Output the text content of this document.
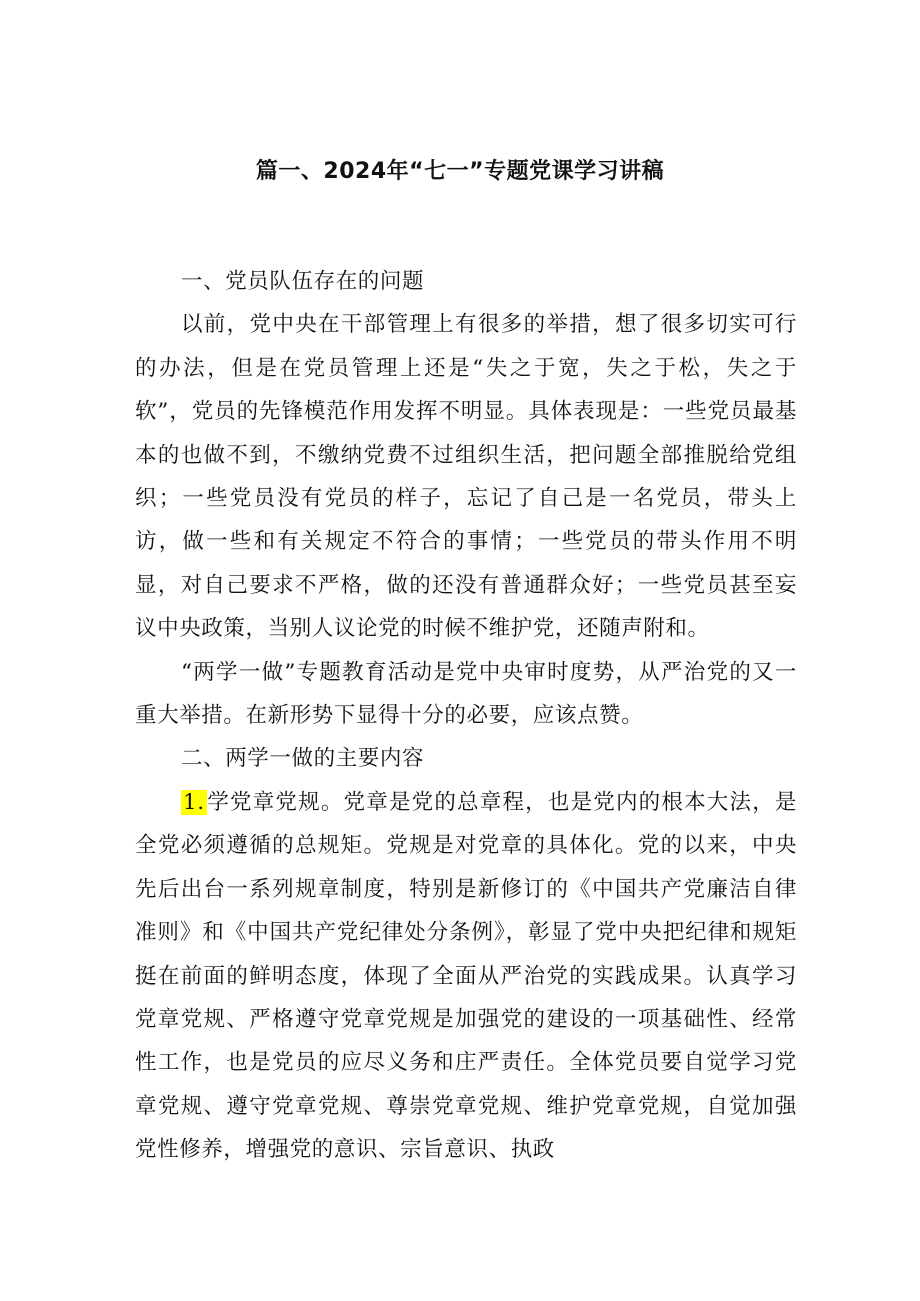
篇一、2024年“七一”专题党课学习讲稿
一、党员队伍存在的问题

以前，党中央在干部管理上有很多的举措，想了很多切实可行的办法，但是在党员管理上还是“失之于宽，失之于松，失之于软”，党员的先锋模范作用发挥不明显。具体表现是：一些党员最基本的也做不到，不缴纳党费不过组织生活，把问题全部推脱给党组织；一些党员没有党员的样子，忘记了自己是一名党员，带头上访，做一些和有关规定不符合的事情；一些党员的带头作用不明显，对自己要求不严格，做的还没有普通群众好；一些党员甚至妄议中央政策，当别人议论党的时候不维护党，还随声附和。

“两学一做”专题教育活动是党中央审时度势，从严治党的又一重大举措。在新形势下显得十分的必要，应该点赞。

二、两学一做的主要内容

1.学党章党规。党章是党的总章程，也是党内的根本大法，是全党必须遵循的总规矩。党规是对党章的具体化。党的以来，中央先后出台一系列规章制度，特别是新修订的《中国共产党廉洁自律准则》和《中国共产党纪律处分条例》，彰显了党中央把纪律和规矩挺在前面的鲜明态度，体现了全面从严治党的实践成果。认真学习党章党规、严格遵守党章党规是加强党的建设的一项基础性、经常性工作，也是党员的应尽义务和庄严责任。全体党员要自觉学习党章党规、遵守党章党规、尊崇党章党规、维护党章党规，自觉加强党性修养，增强党的意识、宗旨意识、执政
